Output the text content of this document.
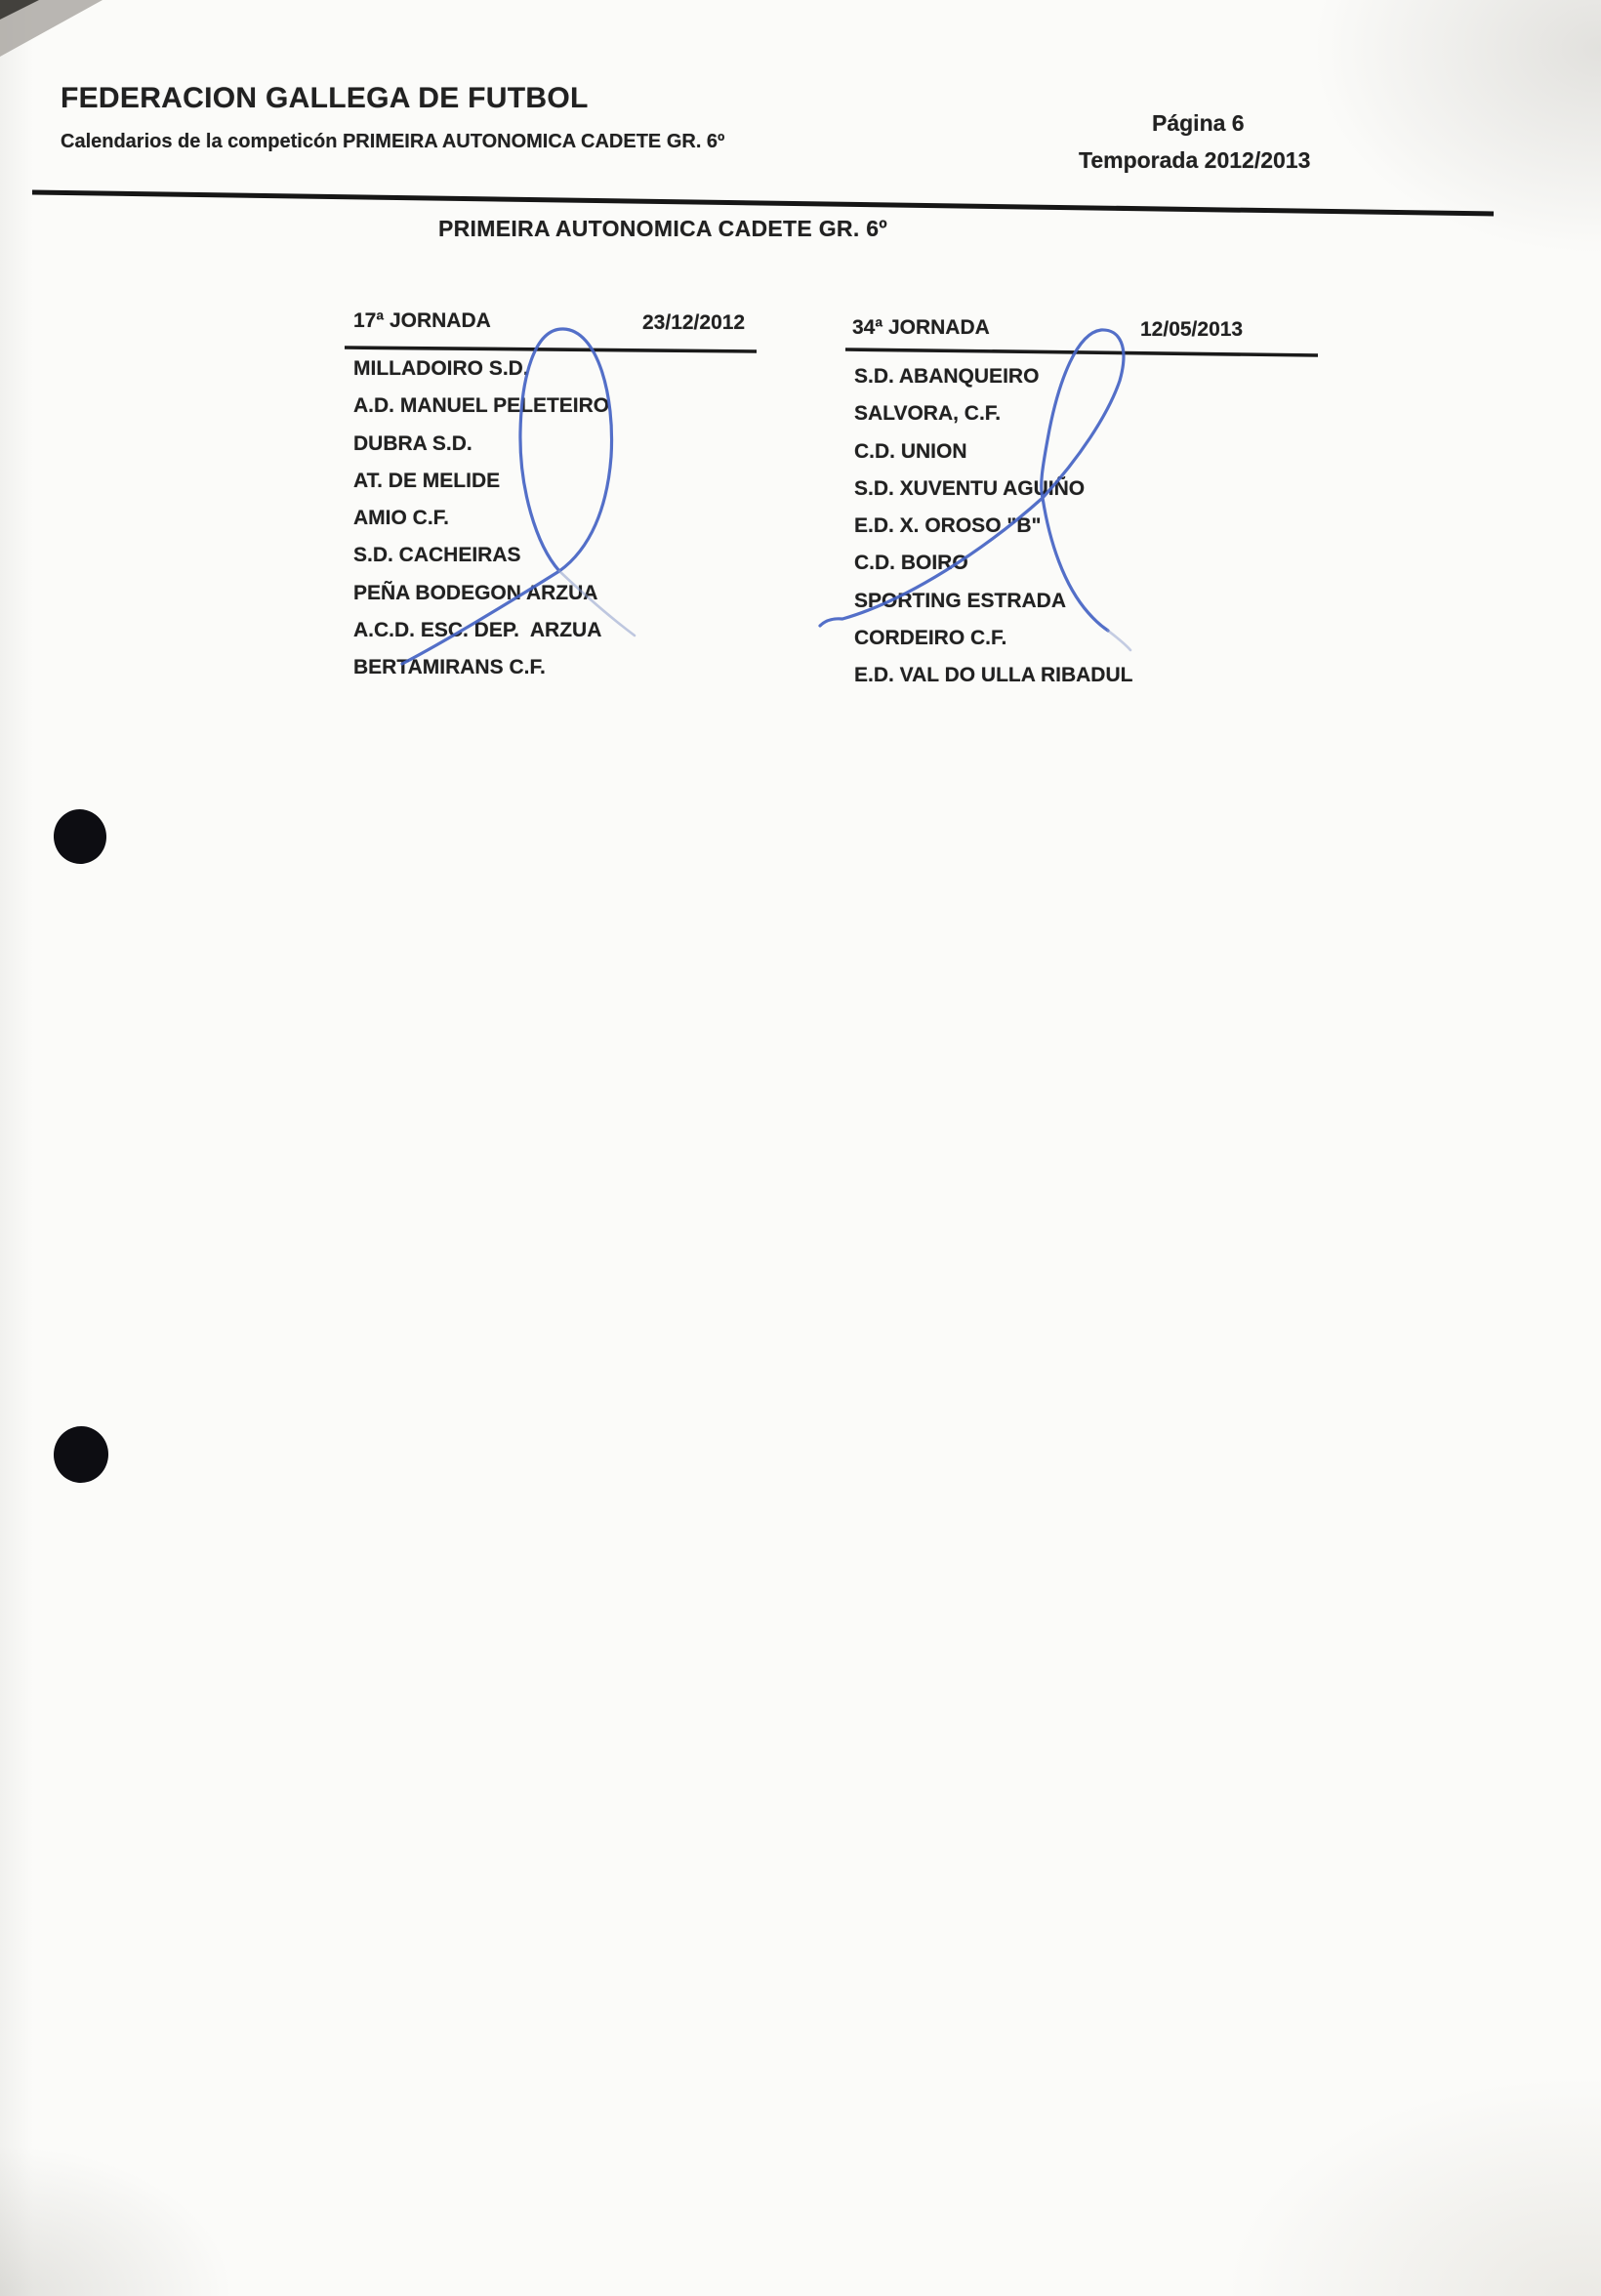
FEDERACION GALLEGA DE FUTBOL
Calendarios de la competicón PRIMEIRA AUTONOMICA CADETE GR. 6º
Página 6
Temporada 2012/2013
PRIMEIRA AUTONOMICA CADETE GR. 6º
17ª JORNADA	23/12/2012
MILLADOIRO S.D.
A.D. MANUEL PELETEIRO
DUBRA S.D.
AT. DE MELIDE
AMIO C.F.
S.D. CACHEIRAS
PEÑA BODEGON ARZUA
A.C.D. ESC. DEP.  ARZUA
BERTAMIRANS C.F.
34ª JORNADA	12/05/2013
S.D. ABANQUEIRO
SALVORA, C.F.
C.D. UNION
S.D. XUVENTU AGUIÑO
E.D. X. OROSO "B"
C.D. BOIRO
SPORTING ESTRADA
CORDEIRO C.F.
E.D. VAL DO ULLA RIBADUL
